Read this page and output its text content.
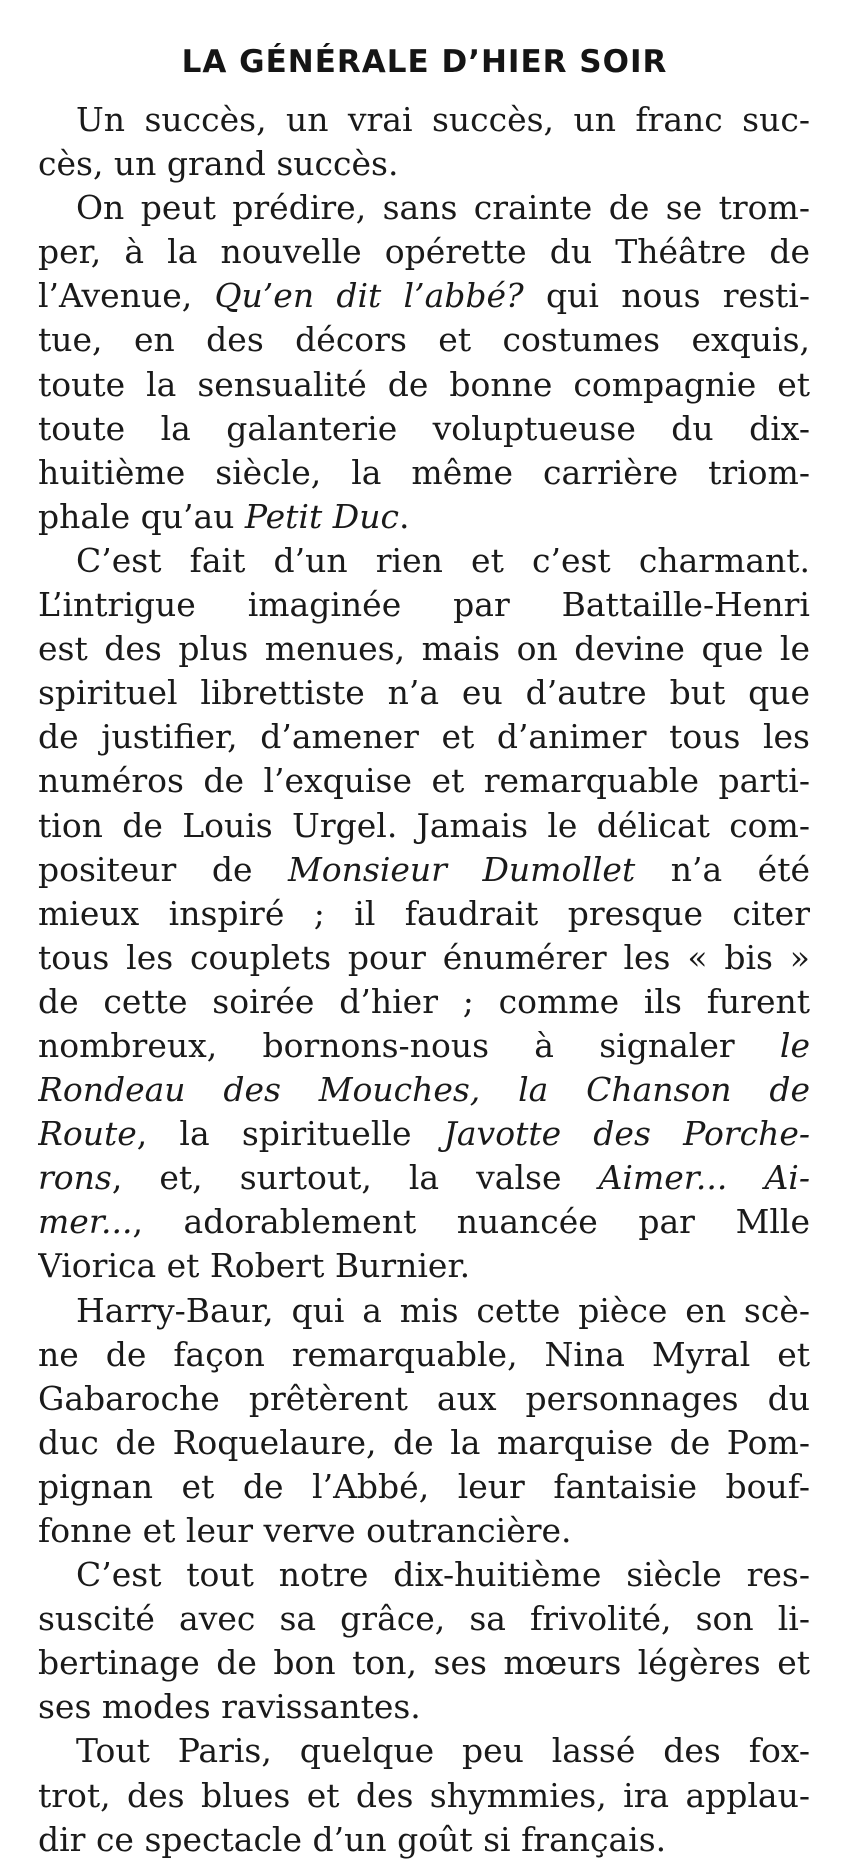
LA GÉNÉRALE D’HIER SOIR
Un succès, un vrai succès, un franc suc-
cès, un grand succès.
On peut prédire, sans crainte de se trom-
per, à la nouvelle opérette du Théâtre de
l’Avenue, Qu’en dit l’abbé? qui nous resti-
tue, en des décors et costumes exquis,
toute la sensualité de bonne compagnie et
toute la galanterie voluptueuse du dix-
huitième siècle, la même carrière triom-
phale qu’au Petit Duc.
C’est fait d’un rien et c’est charmant.
L’intrigue imaginée par Battaille-Henri
est des plus menues, mais on devine que le
spirituel librettiste n’a eu d’autre but que
de justifier, d’amener et d’animer tous les
numéros de l’exquise et remarquable parti-
tion de Louis Urgel. Jamais le délicat com-
positeur de Monsieur Dumollet n’a été
mieux inspiré ; il faudrait presque citer
tous les couplets pour énumérer les « bis »
de cette soirée d’hier ; comme ils furent
nombreux, bornons-nous à signaler le
Rondeau des Mouches, la Chanson de
Route, la spirituelle Javotte des Porche-
rons, et, surtout, la valse Aimer... Ai-
mer..., adorablement nuancée par Mlle
Viorica et Robert Burnier.
Harry-Baur, qui a mis cette pièce en scè-
ne de façon remarquable, Nina Myral et
Gabaroche prêtèrent aux personnages du
duc de Roquelaure, de la marquise de Pom-
pignan et de l’Abbé, leur fantaisie bouf-
fonne et leur verve outrancière.
C’est tout notre dix-huitième siècle res-
suscité avec sa grâce, sa frivolité, son li-
bertinage de bon ton, ses mœurs légères et
ses modes ravissantes.
Tout Paris, quelque peu lassé des fox-
trot, des blues et des shymmies, ira applau-
dir ce spectacle d’un goût si français.
